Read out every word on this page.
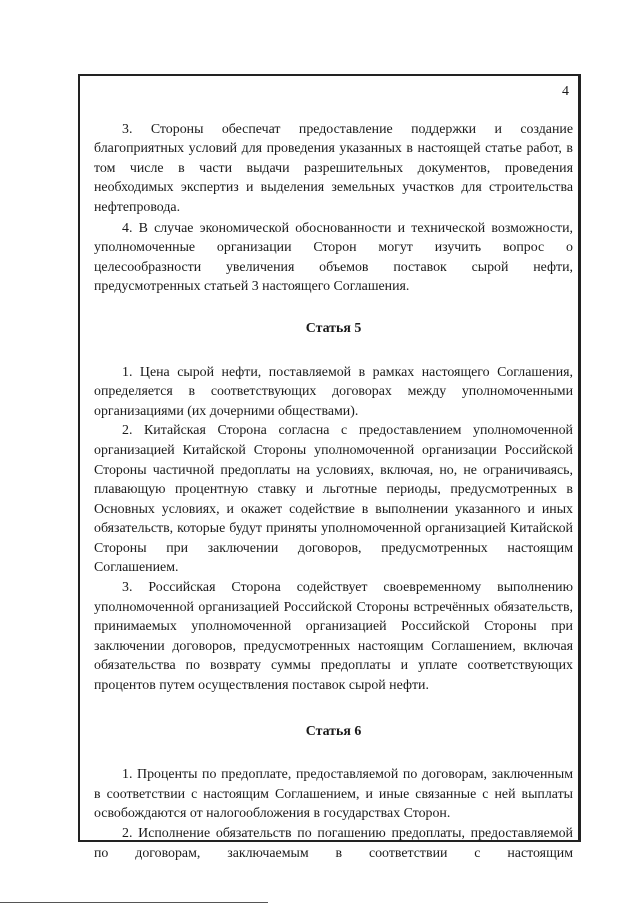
4

3. Стороны обеспечат предоставление поддержки и создание благоприятных условий для проведения указанных в настоящей статье работ, в том числе в части выдачи разрешительных документов, проведения необходимых экспертиз и выделения земельных участков для строительства нефтепровода.

4. В случае экономической обоснованности и технической возможности, уполномоченные организации Сторон могут изучить вопрос о целесообразности увеличения объемов поставок сырой нефти, предусмотренных статьей 3 настоящего Соглашения.

Статья 5

1. Цена сырой нефти, поставляемой в рамках настоящего Соглашения, определяется в соответствующих договорах между уполномоченными организациями (их дочерними обществами).

2. Китайская Сторона согласна с предоставлением уполномоченной организацией Китайской Стороны уполномоченной организации Российской Стороны частичной предоплаты на условиях, включая, но, не ограничиваясь, плавающую процентную ставку и льготные периоды, предусмотренных в Основных условиях, и окажет содействие в выполнении указанного и иных обязательств, которые будут приняты уполномоченной организацией Китайской Стороны при заключении договоров, предусмотренных настоящим Соглашением.

3. Российская Сторона содействует своевременному выполнению уполномоченной организацией Российской Стороны встречённых обязательств, принимаемых уполномоченной организацией Российской Стороны при заключении договоров, предусмотренных настоящим Соглашением, включая обязательства по возврату суммы предоплаты и уплате соответствующих процентов путем осуществления поставок сырой нефти.

Статья 6

1. Проценты по предоплате, предоставляемой по договорам, заключенным в соответствии с настоящим Соглашением, и иные связанные с ней выплаты освобождаются от налогообложения в государствах Сторон.

2. Исполнение обязательств по погашению предоплаты, предоставляемой по договорам, заключаемым в соответствии с настоящим
